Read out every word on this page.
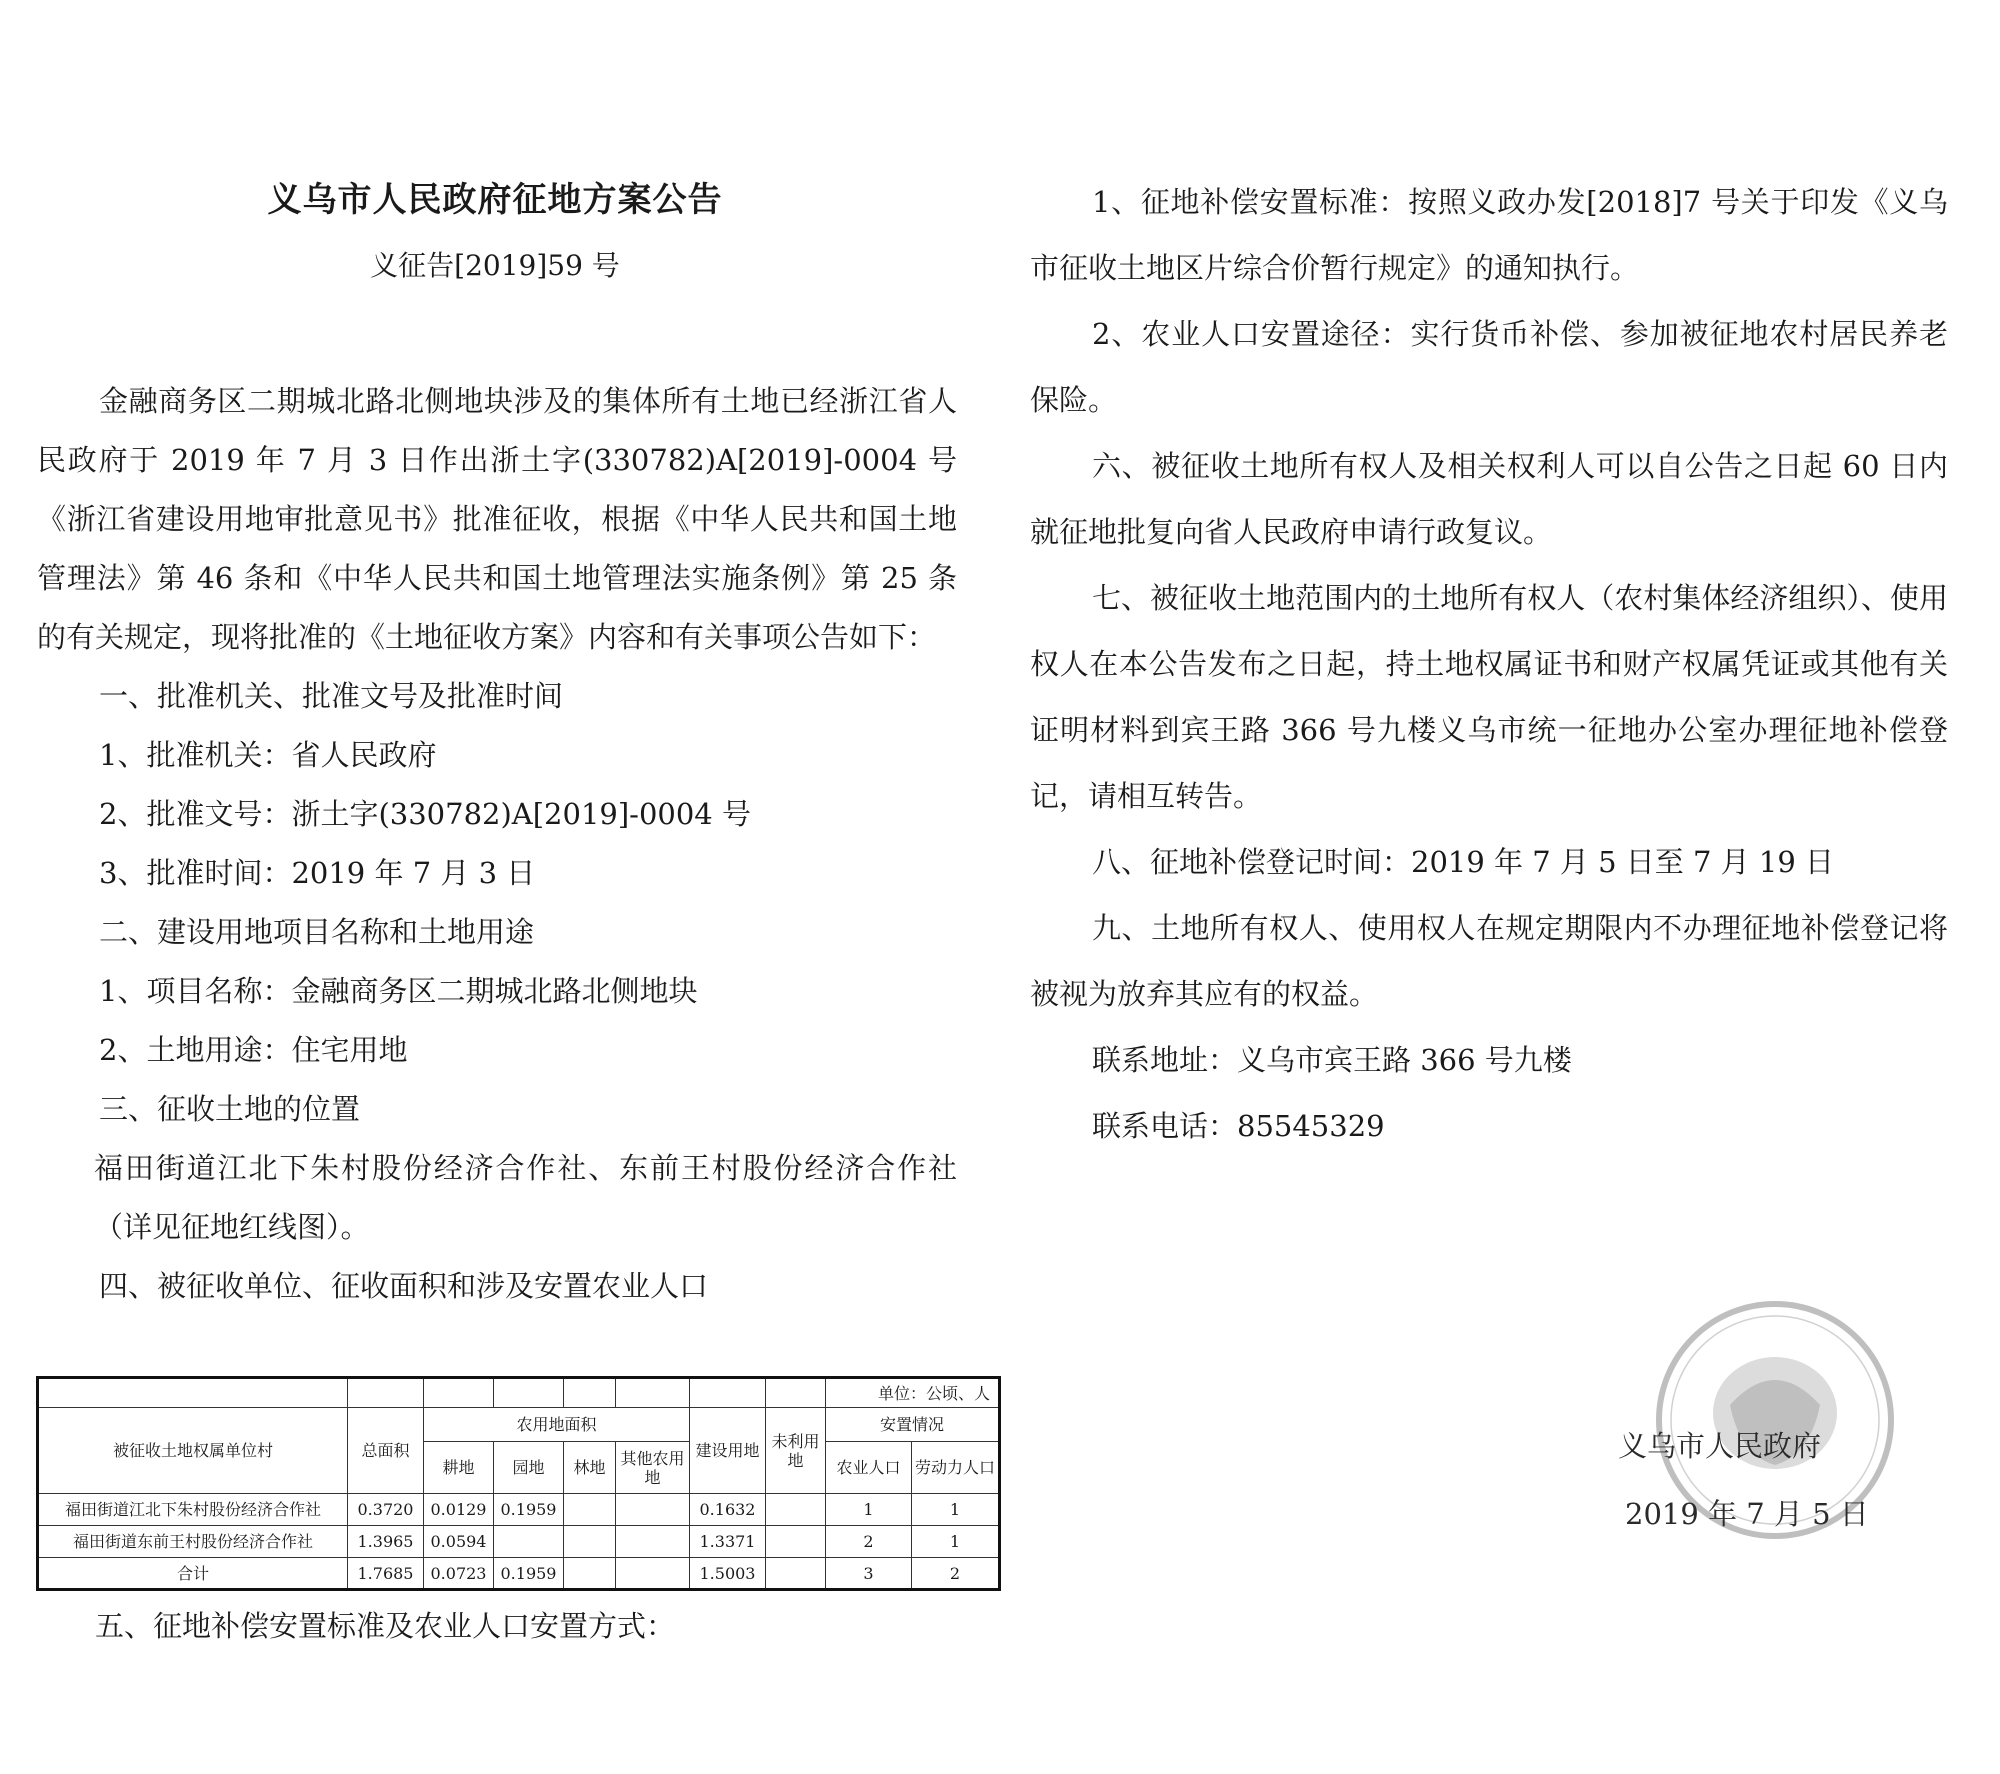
义乌市人民政府征地方案公告
义征告[2019]59 号

金融商务区二期城北路北侧地块涉及的集体所有土地已经浙江省人民政府于 2019 年 7 月 3 日作出浙土字(330782)A[2019]-0004 号《浙江省建设用地审批意见书》批准征收，根据《中华人民共和国土地管理法》第 46 条和《中华人民共和国土地管理法实施条例》第 25 条的有关规定，现将批准的《土地征收方案》内容和有关事项公告如下：

一、批准机关、批准文号及批准时间

1、批准机关：省人民政府

2、批准文号：浙土字(330782)A[2019]-0004 号

3、批准时间：2019 年 7 月 3 日

二、建设用地项目名称和土地用途

1、项目名称：金融商务区二期城北路北侧地块

2、土地用途：住宅用地

三、征收土地的位置

福田街道江北下朱村股份经济合作社、东前王村股份经济合作社（详见征地红线图）。

四、被征收单位、征收面积和涉及安置农业人口

								单位：公顷、人	
被征收土地权属单位村	总面积	农用地面积				建设用地	未利用地	安置情况	
		耕地	园地	林地	其他农用地			农业人口	劳动力人口
福田街道江北下朱村股份经济合作社	0.3720	0.0129	0.1959			0.1632		1	1
福田街道东前王村股份经济合作社	1.3965	0.0594				1.3371		2	1
合计	1.7685	0.0723	0.1959			1.5003		3	2
五、征地补偿安置标准及农业人口安置方式：

1、征地补偿安置标准：按照义政办发[2018]7 号关于印发《义乌市征收土地区片综合价暂行规定》的通知执行。

2、农业人口安置途径：实行货币补偿、参加被征地农村居民养老保险。

六、被征收土地所有权人及相关权利人可以自公告之日起 60 日内就征地批复向省人民政府申请行政复议。

七、被征收土地范围内的土地所有权人（农村集体经济组织）、使用权人在本公告发布之日起，持土地权属证书和财产权属凭证或其他有关证明材料到宾王路 366 号九楼义乌市统一征地办公室办理征地补偿登记，请相互转告。

八、征地补偿登记时间：2019 年 7 月 5 日至 7 月 19 日

九、土地所有权人、使用权人在规定期限内不办理征地补偿登记将被视为放弃其应有的权益。

联系地址：义乌市宾王路 366 号九楼

联系电话：85545329

义乌市人民政府
2019 年 7 月 5 日
